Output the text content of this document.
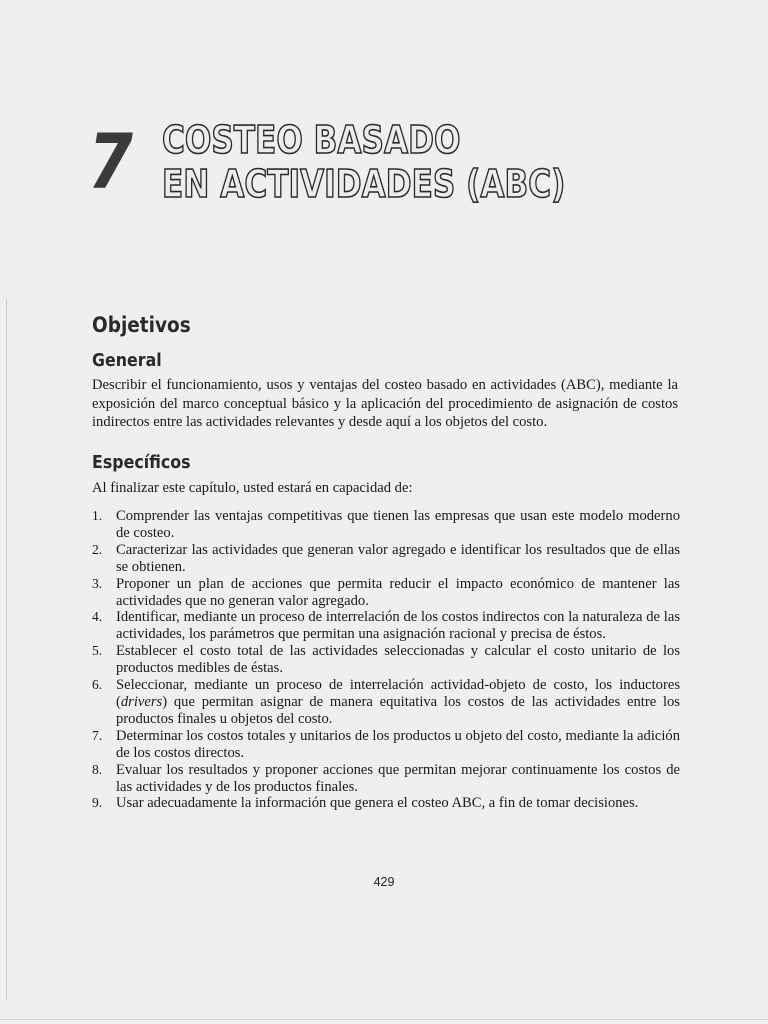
7 COSTEO BASADO
EN ACTIVIDADES (ABC)
Objetivos
General

Describir el funcionamiento, usos y ventajas del costeo basado en actividades (ABC), mediante la exposición del marco conceptual básico y la aplicación del procedimiento de asignación de costos indirectos entre las actividades relevantes y desde aquí a los objetos del costo.

Específicos

Al finalizar este capítulo, usted estará en capacidad de:

1. Comprender las ventajas competitivas que tienen las empresas que usan este modelo moderno de costeo.
2. Caracterizar las actividades que generan valor agregado e identificar los resultados que de ellas se obtienen.
3. Proponer un plan de acciones que permita reducir el impacto económico de mantener las actividades que no generan valor agregado.
4. Identificar, mediante un proceso de interrelación de los costos indirectos con la naturaleza de las actividades, los parámetros que permitan una asignación racional y precisa de éstos.
5. Establecer el costo total de las actividades seleccionadas y calcular el costo unitario de los productos medibles de éstas.
6. Seleccionar, mediante un proceso de interrelación actividad-objeto de costo, los inductores (drivers) que permitan asignar de manera equitativa los costos de las actividades entre los productos finales u objetos del costo.
7. Determinar los costos totales y unitarios de los productos u objeto del costo, mediante la adición de los costos directos.
8. Evaluar los resultados y proponer acciones que permitan mejorar continuamente los costos de las actividades y de los productos finales.
9. Usar adecuadamente la información que genera el costeo ABC, a fin de tomar decisiones.
429
